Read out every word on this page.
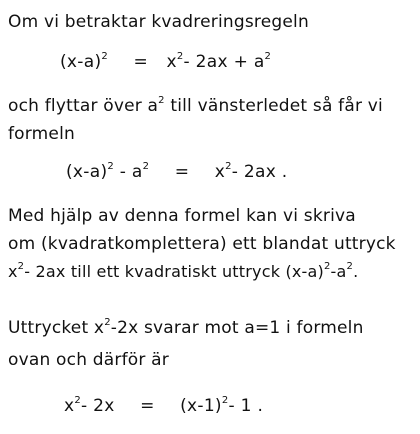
Om vi betraktar kvadreringsregeln
$(x-a)^2 = x^2-$ $2ax + a^2$
och flyttar över $a^2$ till vänsterledet så får vi
formeln
$(x-a)^2 - a^2 = x^2-$ 2ax .
Med hjälp av denna formel kan vi skriva
om (kvadratkomplettera) ett blandat uttryck
$x^2-$ 2ax till ett kvadratiskt uttryck $(x-a)^2-a^2$.
Uttrycket $x^2-2x$ svarar mot a=1 i formeln
ovan och därför är
$x^2-$ $2x = (x-1)^2-$ 1 .
